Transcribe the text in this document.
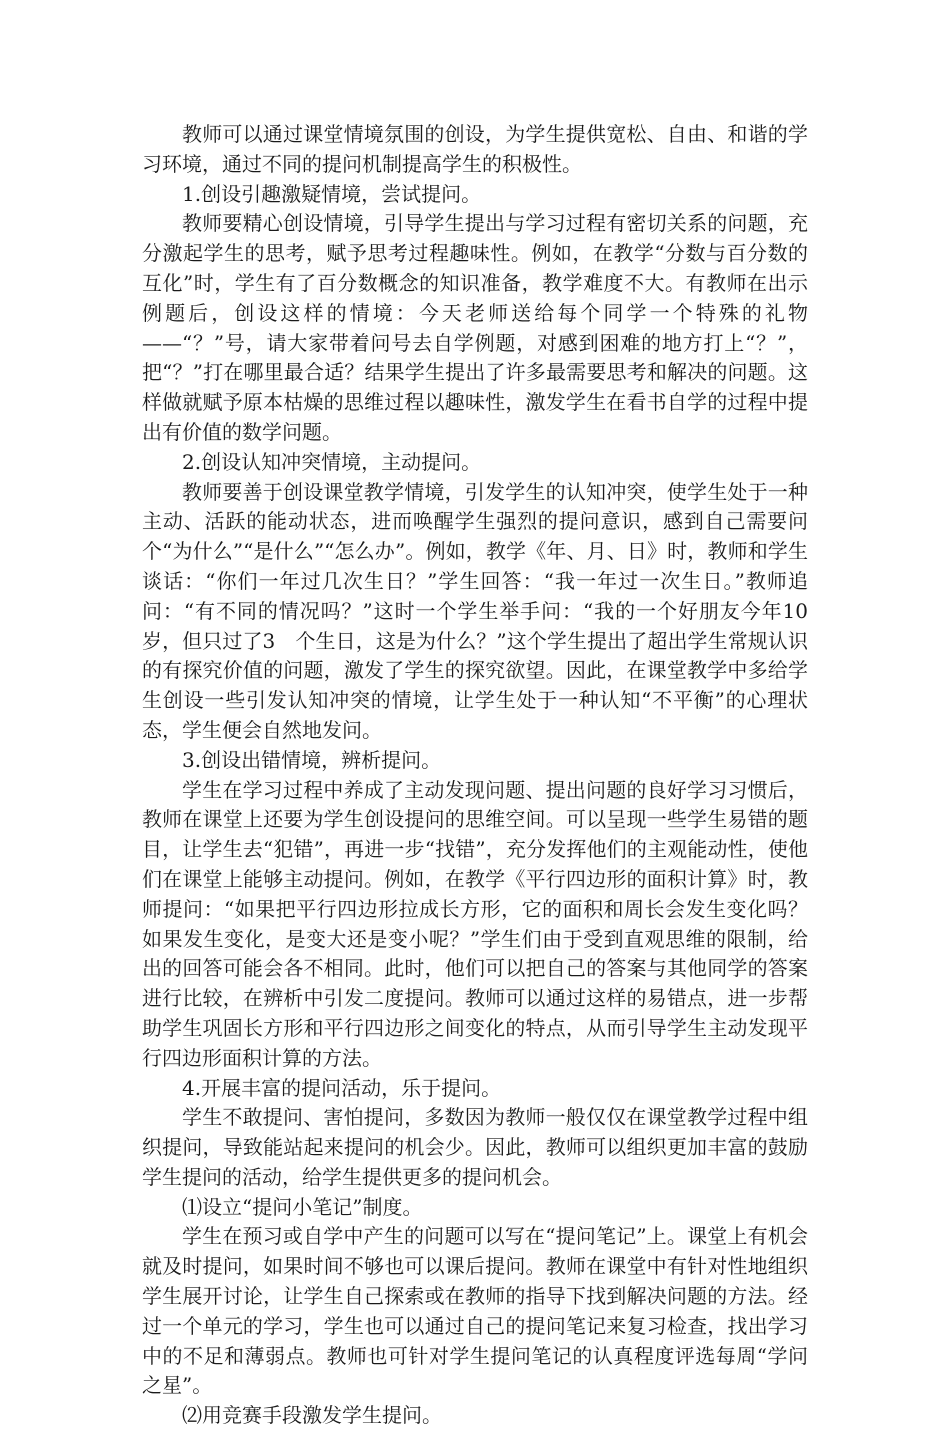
教师可以通过课堂情境氛围的创设，为学生提供宽松、自由、和谐的学习环境，通过不同的提问机制提高学生的积极性。

1.创设引趣激疑情境，尝试提问。

教师要精心创设情境，引导学生提出与学习过程有密切关系的问题，充分激起学生的思考，赋予思考过程趣味性。例如，在教学“分数与百分数的互化”时，学生有了百分数概念的知识准备，教学难度不大。有教师在出示例题后，创设这样的情境：今天老师送给每个同学一个特殊的礼物——“？”号，请大家带着问号去自学例题，对感到困难的地方打上“？”，把“？”打在哪里最合适？结果学生提出了许多最需要思考和解决的问题。这样做就赋予原本枯燥的思维过程以趣味性，激发学生在看书自学的过程中提出有价值的数学问题。

2.创设认知冲突情境，主动提问。

教师要善于创设课堂教学情境，引发学生的认知冲突，使学生处于一种主动、活跃的能动状态，进而唤醒学生强烈的提问意识，感到自己需要问个“为什么”“是什么”“怎么办”。例如，教学《年、月、日》时，教师和学生谈话：“你们一年过几次生日？”学生回答：“我一年过一次生日。”教师追问：“有不同的情况吗？”这时一个学生举手问：“我的一个好朋友今年10　岁，但只过了3　个生日，这是为什么？”这个学生提出了超出学生常规认识的有探究价值的问题，激发了学生的探究欲望。因此，在课堂教学中多给学生创设一些引发认知冲突的情境，让学生处于一种认知“不平衡”的心理状态，学生便会自然地发问。

3.创设出错情境，辨析提问。

学生在学习过程中养成了主动发现问题、提出问题的良好学习习惯后，教师在课堂上还要为学生创设提问的思维空间。可以呈现一些学生易错的题目，让学生去“犯错”，再进一步“找错”，充分发挥他们的主观能动性，使他们在课堂上能够主动提问。例如，在教学《平行四边形的面积计算》时，教师提问：“如果把平行四边形拉成长方形，它的面积和周长会发生变化吗？如果发生变化，是变大还是变小呢？”学生们由于受到直观思维的限制，给出的回答可能会各不相同。此时，他们可以把自己的答案与其他同学的答案进行比较，在辨析中引发二度提问。教师可以通过这样的易错点，进一步帮助学生巩固长方形和平行四边形之间变化的特点，从而引导学生主动发现平行四边形面积计算的方法。

4.开展丰富的提问活动，乐于提问。

学生不敢提问、害怕提问，多数因为教师一般仅仅在课堂教学过程中组织提问，导致能站起来提问的机会少。因此，教师可以组织更加丰富的鼓励学生提问的活动，给学生提供更多的提问机会。

⑴设立“提问小笔记”制度。

学生在预习或自学中产生的问题可以写在“提问笔记”上。课堂上有机会就及时提问，如果时间不够也可以课后提问。教师在课堂中有针对性地组织学生展开讨论，让学生自己探索或在教师的指导下找到解决问题的方法。经过一个单元的学习，学生也可以通过自己的提问笔记来复习检查，找出学习中的不足和薄弱点。教师也可针对学生提问笔记的认真程度评选每周“学问之星”。

⑵用竞赛手段激发学生提问。
